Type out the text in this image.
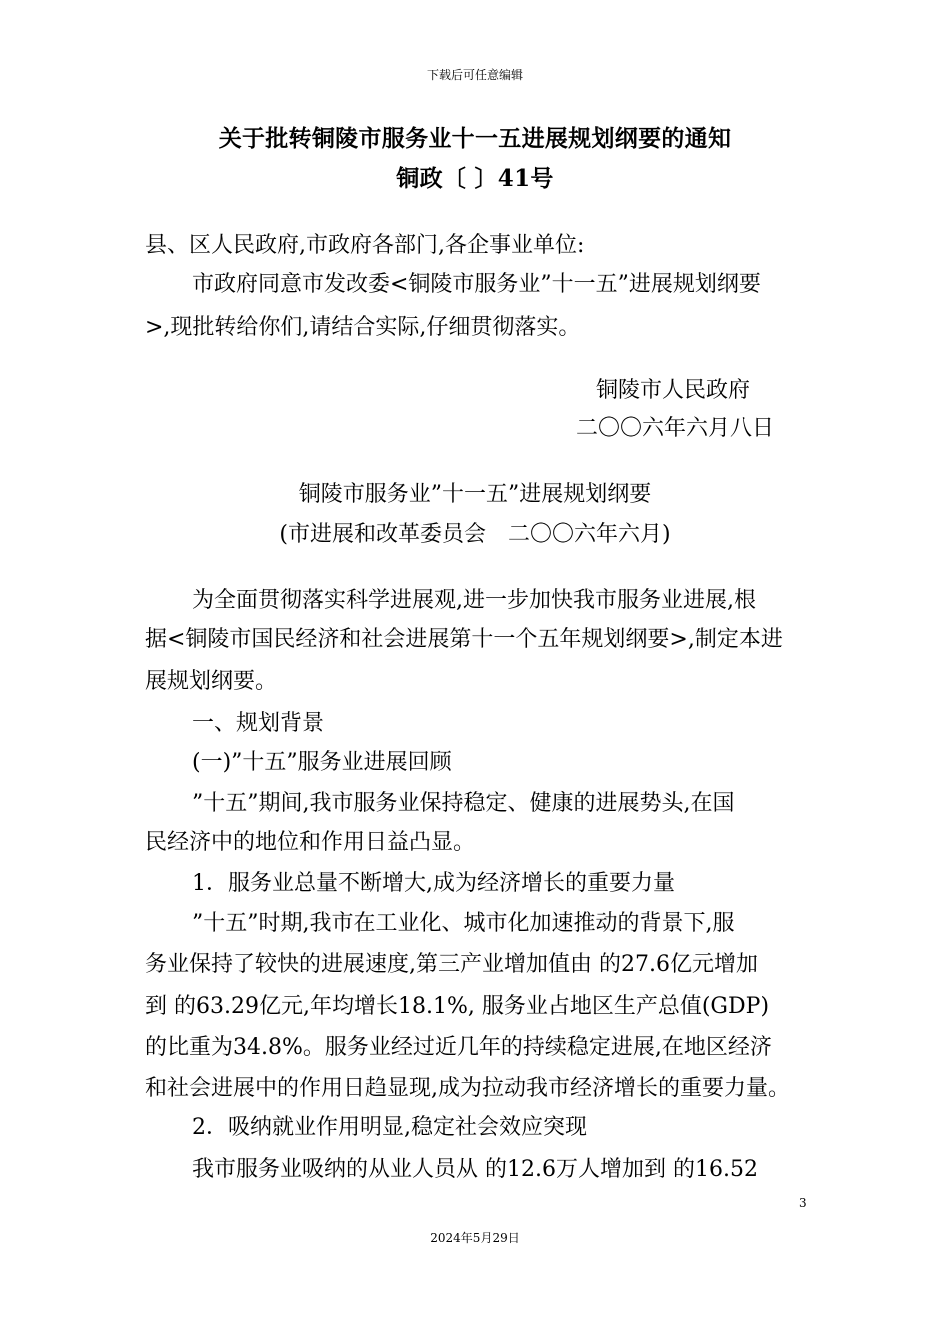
下载后可任意编辑
关于批转铜陵市服务业十一五进展规划纲要的通知
铜政〔 〕41号
县、区人民政府,市政府各部门,各企事业单位:
市政府同意市发改委<铜陵市服务业”十一五”进展规划纲要
>,现批转给你们,请结合实际,仔细贯彻落实。
铜陵市人民政府
二〇〇六年六月八日
铜陵市服务业”十一五”进展规划纲要
(市进展和改革委员会　二〇〇六年六月)
为全面贯彻落实科学进展观,进一步加快我市服务业进展,根
据<铜陵市国民经济和社会进展第十一个五年规划纲要>,制定本进
展规划纲要。
一、规划背景
(一)”十五”服务业进展回顾
”十五”期间,我市服务业保持稳定、健康的进展势头,在国
民经济中的地位和作用日益凸显。
1．服务业总量不断增大,成为经济增长的重要力量
”十五”时期,我市在工业化、城市化加速推动的背景下,服
务业保持了较快的进展速度,第三产业增加值由 的27.6亿元增加
到 的63.29亿元,年均增长18.1%, 服务业占地区生产总值(GDP)
的比重为34.8%。服务业经过近几年的持续稳定进展,在地区经济
和社会进展中的作用日趋显现,成为拉动我市经济增长的重要力量。
2．吸纳就业作用明显,稳定社会效应突现
我市服务业吸纳的从业人员从 的12.6万人增加到 的16.52
3
2024年5月29日
